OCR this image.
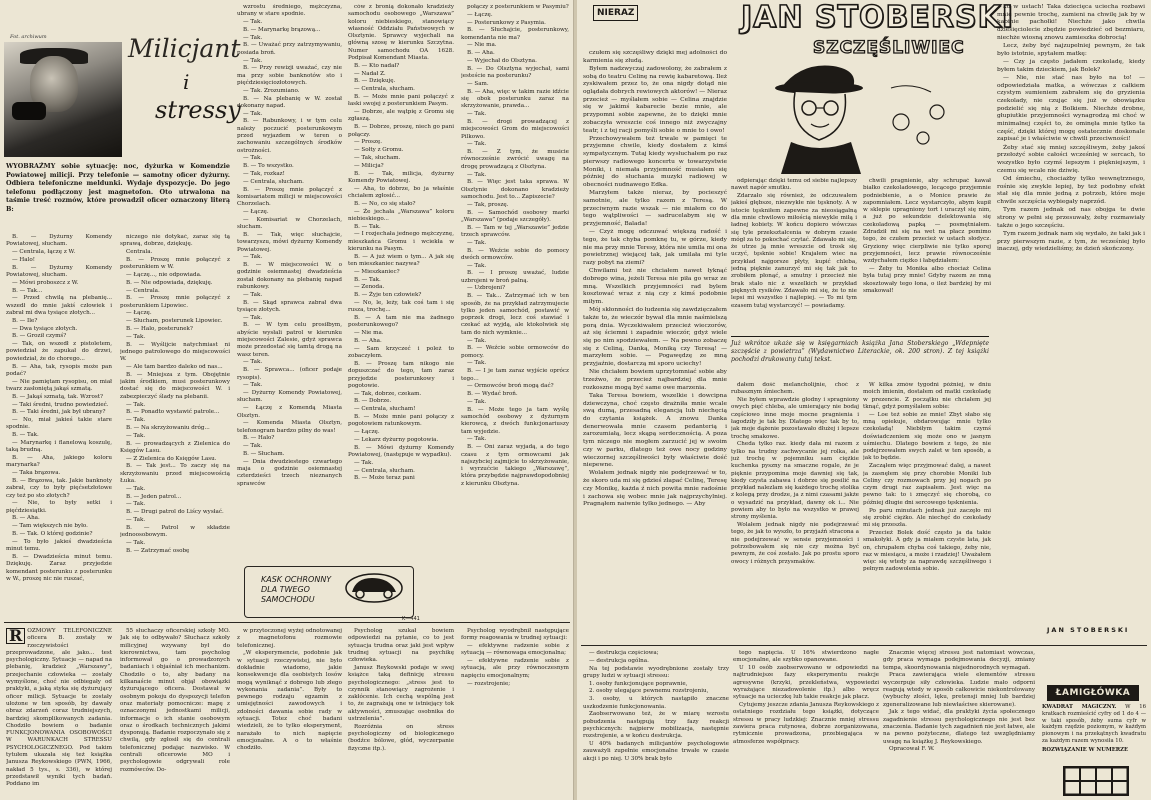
Fot. archiwum	Milicjant
i
stressy
WYOBRAŹMY sobie sytuację: noc, dyżurka w Komendzie Powiatowej milicji. Przy telefonie — samotny oficer dyżurny. Odbiera telefoniczne meldunki. Wydaje dyspozycje. Do jego telefonu podłączony jest magnetofon. Oto utrwalona na taśmie treść rozmów, które prowadził oficer oznaczony literą B:

B. — Dyżurny Komendy Powiatowej, słucham.

— Centrala, łączę z W.

— Halo!

B. — Dyżurny Komendy Powiatowej, słucham.

— Mówi proboszcz z W.

B. — Tak...

— Przed chwilą na plebanię... wszedł do mnie jakiś człowiek i zabrał mi dwa tysiące złotych...

B. — Ile?

— Dwa tysiące złotych.

B. — Groził czymś?

— Tak, on wszedł z pistoletem, powiedział że zapukał do drzwi, powiedział, że do chorego...

B. — Aha, tak, rysopis może pan podać?

— Nie pamiętam rysopisu, on miał twarz zasłoniętą jakąś szmatą.

B. — Jakąś szmatą, tak. Wzrost?

— Taki średni, trudno powiedzieć.

B. — Taki średni, jak był ubrany?

— No, miał jakieś takie stare spodnie.

B. — Tak.

— Marynarkę i flanelową koszulę, taką brudną.

B. — Aha, jakiego koloru marynarka?

— Taka brązowa.

B. — Brązowa, tak. Jakie banknoty zabrał, czy to były pięćsetzłotowe czy też po sto złotych?

— Nie, to były setki i pięćdziesiątki.

B. — Aha.

— Tam większych nie było.

B. — Tak. O której godzinie?

— To było jakieś dwadzieścia minut temu.

B. — Dwadzieścia minut temu. Dziękuję. Zaraz przyjedzie komendant posterunku z posterunku w W., proszę nic nie ruszać,

niczego nie dotykać, zaraz się tą sprawą, dobrze, dziękuję.

Centrala.

B. — Proszę mnie połączyć z posterunkiem w W.

— Łączę..., nie odpowiada.

B. — Nie odpowiada, dziękuję.

— Centrala.

B. — Proszę mnie połączyć z posterunkiem Lipowiec.

— Łączę.

— Słucham, posterunek Lipowiec.

B. — Halo, posterunek?

— Tak.

B. — Wyślijcie natychmiast ni jednego patrolowego do miejscowości W.

— Ale tam bardzo daleko od nas...

B. — Mniejsza z tym. Obojętnie jakim środkiem, musi posterunkowy dostać się do miejscowości W. i zabezpieczyć ślady na plebanii.

— Tak.

B. — Ponadto wystawić patrole...

— Tak.

B. — Na skrzyżowaniu dróg...

— Tak.

B. — prowadzących z Zielenica do Księgów Lasu.

— Z Zielenica do Księgów Lasu.

B. — Tak jest... To zaczy się na skrzyżowaniu przed miejscowością Łuka.

— Tak.

B. — Jeden patrol...

— Tak.

B. — Drugi patrol do Liścy wysłać.

— Tak.

B. — Patrol w składzie jednoosobowym.

— Tak.

B. — Zatrzymać osobę

wzrostu średniego, mężczyzna, ubrany w stare spodnie.

— Tak.

B. — Marynarkę brązową...

— Tak.

B. — Uważać przy zatrzymywaniu, posiada broń.

— Tak.

B. — Przy rewizji uważać, czy nie ma przy sobie banknotów sto i pięćdziesięciozłotowych.

— Tak. Zrozumiano.

B. — Na plebanię w W. został dokonany napad.

— Tak.

B. — Rabunkowy, i w tym celu należy poczucić posterunkowym przed wyjazdem w teren o zachowaniu szczególnych środków ostrożności.

— Tak.

B. — To wszystko.

— Tak, rozkaz!

— Centrala, słucham.

B. — Proszę mnie połączyć z komisariatem milicji w miejscowości Chorzelach.

— Łączę.

— Komisariat w Chorzelach, słucham.

B. — Tak, więc słuchajcie, towarzyszu, mówi dyżurny Komendy Powiatowej.

— Tak.

B. — W miejscowości W. o godzinie osiemnastej dwadzieścia został dokonany na plebanię napad rabunkowy.

— Tak.

B. — Skąd sprawca zabrał dwa tysiące złotych.

— Tak.

B. — W tym celu prosiłbym, abyście wysłali patrol w kierunku miejscowości Zalesie, gdyż sprawca może przedostać się tamtą drogą na wasz teren.

— Tak.

B. — Sprawca... (oficer podaje rysopis).

— Tak.

— Dyżurny Komendy Powiatowej, słucham.

— Łączę z Komendą Miasta Olsztyn.

— Komenda Miasta Olsztyn, telefonogram bardzo pilny do was!

B. — Halo?

— Tak.

B. — Słucham.

— Dnia dwudziestego czwartego maja o godzinie osiemnastej czterdzieści trzech nieznanych sprawców

ców z bronią dokonało kradzieży samochodu osobowego „Warszawa” koloru niebieskiego, stanowiący własność Oddziału Państwowych w Olsztynie. Sprawcy wyjechali na główną szosę w kierunku Szczytna. Numer samochodu OA 1628. Podpisał Komendant Miasta.

B. — Kto nadał?

— Nadał Z.

B. — Dziękuję.

— Centrala, słucham.

B. — Może mnie pani połączyć z łaski swojej z posterunkiem Pasym.

— Dobrze, ale wątpię z Gromu się zgłaszą.

B. — Dobrze, proszę, niech go pani połączy.

— Proszę.

— Sołty z Gromu.

— Tak, słucham.

— Milicja?

B. — Tak, milicja, dyżurny Komendy Powiatowej.

— Aha, to dobrze, bo ja właśnie chciałem zgłosić...

B. — No, co się stało?

— Że jechała „Warszawa” koloru niebieskiego...

B. — Tak.

— I rozjechała jednego mężczyznę, mieszkańca Gromu i wciekła w kierunku na Pasym.

B. — A już wiem o tym... A jak się ten mieszkaniec nazywa?

— Mieszkaniec?

B. — Tak.

— Zenoda.

B. — Żyje ten człowiek?

— No, le, leży, tak coś tam i się rusza, trochę...

B. — A tam nie ma żadnego posterunkowego?

— Nie ma.

B. — Aha.

— Sam krzyczeć i poleż to zobaczyłem.

B. — Proszę tam nikogo nie dopuszczać do tego, tam zaraz przyjedzie posterunkowy i pogotowie.

— Tak, dobrze, czekam.

B. — Dobrze.

— Centrala, słucham!

B. — Może mnie pani połączy z pogotowiem ratunkowym.

— Łączę.

— Lekarz dyżurny pogotowia.

B. — Mówi dyżurny Komendy Powiatowej, (następuje w wypadku).

— Tak.

— Centrala, słucham.

B. — Może teraz pani

połączy z posterunkiem w Pasymiu?

— Łączę.

— Posterunkowy z Pasymia.

B. — Słuchajcie, posterunkowy, komendanta nie ma?

— Nie ma.

B. — Aha.

— Wyjechał do Olsztyna.

B. — Do Olsztyna wyjechał, sami jesteście na posterunku?

— Sam.

B. — Aha, więc w takim razie idźcie się obok posterunku zaraz na skrzyżowanie, prawda...

— Tak.

B. — drogi prowadzącej z miejscowości Grom do miejscowości Pilkowo.

— Tak.

B. — Z tym, że musicie równocześnie zwrócić uwagę na drogę prowadzącą z Olsztyna.

— Tak.

B. — Więc jest taka sprawa. W Olsztynie dokonano kradzieży samochodu. Jest to... Zapiszecie?

— Tak, proszę.

B. — Samochód osobowy marki „Warszawa” (podaje szczegóły).

B. — Tam w tej „Warszawie” jedzie trzech sprawców.

— Tak.

B. — Weźcie sobie do pomocy dwóch ormowców.

— Tak.

B. — I proszę uważać, ludzie uzbrojeni w broń palną.

— Uzbrojeni?

B. — Tak... Zatrzymać ich w ten sposób, że na przykład zatrzymujecie tylko jeden samochód, postawić w poprzek drogi, lecz coś stawiać i czekać aż wyjdą, ale ktokolwiek się tam do nich wymknie...

— Tak.

B. — Weźcie sobie ormowców do pomocy.

— Tak.

B. — I je tam zaraz wyjście oprócz tego...

— Ormowców broń mogą dać?

B. — Wydać broń.

— Tak.

B. — Może tego ja tam wyślę samochód osobowy z dyżurnym kierowcą, z dwóch funkcjonariuszy tam wyjedzie.

— Tak.

B. — Oni zaraz wyjadą, a do tego czasu z tym ormowcami jak najszybciej zajmijcie to skrzyżowanie, i wyrzućcie takiego „Warszawę”, która przybędzie najprawdopodobniej z kierunku Olsztyna.

KASK OCHRONNY
DLA TWEGO
SAMOCHODU
K—441

R OZMOWY TELEFONICZNE oficera B. zostały w rzeczywistości przeprowadzone, ale jako... test psychologiczny. Sytuacje — napad na plebanię, kradzież „Warszawy”, przejechanie człowieka — zostały wymyślone, choć nie odbiegały od praktyki, a jaką styka się dyżurujący oficer milicji. Sytuacje te zostały ułożone w ten sposób, by dawały obraz zdarzeń coraz trudniejszych, bardziej skomplikowanych zadania. Chodziło bowiem o badanie FUNKCJONOWANIA OSOBOWOŚCI W WARUNKACH STRESSU PSYCHOLOGICZNEGO. Pod takim tytułem ukazała się też książka Janusza Reykowskiego (PWN, 1966, nakład 5 tys., s. 336), w której przedstawił wyniki tych badań. Poddano im

55 słuchaczy oficerskiej szkoły MO. Jak się to odbywało? Słuchacz szkoły milicyjnej wzywany był do kierownictwa, tam psycholog informował go o prowadzonych badaniach i objaśniał ich mechanizm. Chodziło o to, aby badany na kilkanaście minut objął obowiązki dyżurującego oficera. Dostawał w osobnym pokoju do dyspozycji telefon oraz materiały pomocnicze: mapę z oznaczonymi jednostkami milicji, informacje o ich stanie osobowym oraz o środkach technicznych jakimi dysponują. Badanie rozpoczynało się z chwilą, gdy zgłosił się do centrali telefonicznej podając nazwisko. W centrali oficerowie MO i psychologowie odgrywali role rozmówców. Do-

w przytoczonej wyżej odnotowanej z magnetofonu rozmowie telefonicznej.

„W eksperymencie, podobnie jak w sytuacji rzeczywistej, nie było dokładnie wiadomo, jakie konsekwencje dla osobistych losów mogą wyniknąć z dobrego lub złego wykonania zadania”. Były to pewnego rodzaju egzamin z umiejętności zawodowych i zdolności dawania sobie rady w sytuacji. Totez choć badani wiedzieli, że to tylko eksperyment, narażało to nich napięcie emocjonalne. A o to właśnie chodziło.

Psycholog szukał bowiem odpowiedzi na pytanie, co to jest sytuacja trudna oraz jaki jest wpływ trudnej sytuacji na psychikę człowieka.

Janusz Reykowski podaje w swej książce taką definicję stressu psychologicznego: „stress jest to czynnik stanowiący zagrożenie i zakłócenie. Ich cechą wspólną jest to, że zagrażają one w istniejący tok aktywności, zmuszając osobnika do ustrzelenia”.

Rozróżnia on stress psychologiczny od biologicznego (bodźce bólowe, głód, wyczerpanie fizyczne itp.).

Psycholog wyodrębnił następujące formy reagowania w trudnej sytuacji:

— efektywne radzenie sobie z sytuacją — równowaga emocjonalna;

— efektywne radzenie sobie z sytuacją, ale przy równoczesnym napięciu emocjonalnym;

— rozstrojenie;

NIERAZ	JAN STOBERSKI
SZCZĘŚLIWIEC

czułem się szczęśliwy dzięki mej adolności do karmienia się złudą.

Byłem nadzwyczaj zadowolony, że zabrałem z sobą do teatru Celinę na rewię kabaretową. Ileż zyskiwałem przez to, że ona nigdy dotąd nie oglądała dobrych rewiowych aktorów! — Nieraz przecież — myślałem sobie — Celina znajdzie się w jakimś kabarecie bezie mnie, ale przypomni sobie zapewne, że to dzięki mnie zobaczyła wreszcie coś innego niż zwyczajny teatr, i z tej racji pomyśli sobie o mnie to i owo!

Przechowywałem też trwale w pamięci te przyjemne chwile, kiedy dostałem z kimś sympatycznym. Tutaj kiedy wysłuchałem po raz pierwszy radiowego koncertu w towarzystwie Moniki, i niemała przyjemność musiałem się później do słuchania muzyki radiowej w obecności nudnawego Edka.

Marzyłem także nieraz, by pocieszyć samotnie, ale tylko razem z Teresą. W przeciwnym razie wszak — nie miałem co do tego wątpliwości — sadrucelabym się w przyjemność, Balada!

— Czyż mogę odczuwać większą radość i tego, że tak chyba pomknę tu, w górze, kiedy nie ma przy mnie Teresy, która nie umila mi ona powietrznej wiejącej tak, jak umilała mi tyle razy pobyt na ziemi?

Chwilami też nie chciałem nawet łyknąć dobrego wina, jeżeli Teresa nie piła go wraz ze mną. Wszelkich przyjemności rad bylem kosztować wraz z nią czy z kimś podobnie miłym.

Mój skłonności do łudzenia się zawdzięczałem także to, że wieczór bywał dla mnie naśmielszą porą dnia. Wyczekiwałem przecież wieczorów, aż się ściemni i zapadnie wieczór, gdyż wiele się po nim spodziewałem. — Na pewno zobaczę się z Celiną, Danką, Moniką czy Teresą! — marzyłem sobie. — Pogawędzę ze mną przyjaźnie, dostarczą mi sporo uciechy!

Nie chciałem bowiem uprzytomniać sobie aby trzeźwo, że przecież najbardziej dla mnie rozkoszne mogą być same owe marzenia.

Taka Teresa bowiem, wszelkie i dowcipna dziewczyna, choć często drażniła mnie wcale swą dumą, przesadną elegancją lub niechęcią do czytania książek. A znowu Danka denerwowała mnie czasem pedanterią i zarozumiałą, lecz skąpą serdecznością. A poza tym niczego nie mogłem zarzucić jej w swoim czy w parku, dlatego też owe nocy godziny wieczornej szczęśliwości były właściwie dość niepewne.

Wolałem jednak nigdy nie podejrzewać w to, że skoro uda mi się gdzieś złapać Celinę, Teresę czy Monikę, każda ź nich powita mnie radośnie i zachowa się wobec mnie jak najprzychylniej. Pragnąłem naiwnie tylko jednego. — Aby

odpierając dzięki temu od siebie najlepszy nawet napór smutku.

Zdarzało się również, że odczuwałem jakieś głębsze, niezwykłe nie tęsknoty. A w istocie tęskniłem zapewne za nieosiągalną dla mnie chwilowo miłością niewykle miłą i ładnej kobiety. W końcu dopiero wówczas się tyle przekształcenia w dobrym czasie mógł za to pokochać czytać. Zdawało mi się, że utrze ją mnie wreszcie od trosk się uczyć, tęsknie sobie! Krajałem wiec na przykład najgorsze płyty, kupić chleba, jedną pięknie zanurzyć mi się tak jak to zrobiłem płonąć, a smutny i przecież nie brak stało nic z wszelkich w przykład pięknych rysików. Zdawało mi się, że to nie lepsi mi wszystko i najlepiej. — To mi tym ezasem tutaj wystarczyć! — powiadamy.

chwili pragnienie, aby schrupać kawał białko czekoladowego, lecącego przyjemnie podniebienie, a o Monice prawie że zapomniałem. Lecz wystarczyło, abym kupił w sklepie upragniony tort i uraczył się nim, a już po sekundzie delektowania się czekoladową papką — posmętniałem. Zdradził mi się na wet na płacz pomimo tego, że czułem przecież w ustach słodycz. Gryziony więc cierpliwie nie tylko sporej przyjemności, lecz prawie równocześnie wzdychałem ciężko i łabędziałem:

— Żeby tu Monika albo chociaż Celina była tutaj przy mnie! Gdyby razem ze mną skosztowały tego łona, o ileż bardziej by mi smakował!

Już wkrótce ukaże się w księgarniach książka Jana Stoberskiego „Wdepnięte szczęście z powietrza” (Wydawnictwo Literackie, ok. 200 stron). Z tej książki pochodzi drukowany tutaj tekst.

dałem dość melancholijnie, choć z rubasznym śmiechem.

Nie byłem wprawdzie głodny i spragniony owych pięć chleba, ale umierający nie bodaj częściowo inne moje mocne pragnienia i łagodziły je tak by. Dlatego więc tak by to, jak moje dążenie pozostawało dłużej i lepsze trochę smakowe.

Cheda tylko raz. kiedy dała mi razem z tylko na trudny zachwycanie jej rolka, ale już trochę w pojemniku sam ciężkie kuchenka pyszny na smaczne rogale, że je pięknie przypomina moje dawniej się tak, kiedy czysta zabawa i dobrze się posilić na przykład nalezlam się każdego trochę stolika z kolegą przy drodze, ja z nimi czasami jakże o wysadzić na przykład, dawny ok i... Nie powiem aby to było na wszystko w prawej strony myślenia.

Wolałem jednak nigdy nie podejrzewać tego, że jak to wyszło, to przyjaźń stracona a nie podejrzewać w sensie przyjemności i potrzebowałem się nie czy można być pewnym, że coś zostało. Jak po prostu sporo owocy i różnych przysmaków.

W kilka zmów tygodni później, w dniu moich imienin, dostałem od matki czekoladę w prezencie. Z początku nie chciałem jej tknąć, gdyż pomyślałem sobie:

— Loe też sobie ze mnie! Zbyt słabo się mną opiekuje, obdarowując mnie tylko czekoladą! Niebiłym takim czymś doświadczeniem się może ono w jasnym uśmiechu. Dlatego bowiem z tego, że nie podejrzewałem swych zalet w ten sposób, a jak to będzie.

Zacząłem więc przyjmować dalej, a nawet ja zasnęłem się przy chorobie Moniki lub Celiny czy rozmowach przy jej nogach po czym drugi raz zapisałem. Jest więc na pewno tak: to i zmęczyć się chorobą, co później długie dni sercowego tęsknienia.

Po paru minutach jednak już zaczęło mi się zrobić ciężko. Ale niechęć do czekolady mi się przeszła.

Przecież Bolek dość często ja da takie smakołyki. A gdy ja miałem czyste lata, jak on, chrupałem chyba coś takiego, żeby nie, raz w miesiącu, a może i rzadziej! Uważałem więc się wtedy za naprawdę szczęśliwego i pełnym zadowolenia sobie.

ko w ustach! Taka dziecięca uciecha rozbawi mnie pewnie trochę, zamieni na chwilę jak by w kabinie pachołki! Niechże jako chwila dziesięciolecie zbędzie powiedzieć od bezmiaru, niechże wiosną znowu zamieszka dobrocią!

Lecz, żeby być najzupełniej pewnym, że tak było istotnie, spytałem matkę:

— Czy ja często jadałem czekoladę, kiedy byłem takim dzieckiem, jak Bolek?

— Nie, nie stać nas było na to! — odpowiedziała matka, a wówczas z całkiem czystym sumieniem zabrałem się do gryzienia czekolady, nie czując się już w obowiązku podzielić się nią z Bolkiem. Niechże drobne, głupiutkie przyjemności wynagrodzą mi choć w minimalnej części to, że ominęła mnie tylko ta część, dzięki której mogę ostatecznie doskonale zapisać je i właściwie w chwili przeciwności!

Żeby stać się mniej szczęśliwym, żeby jakoś przełożyć sobie całości wcześniej w sercach, to wszystko było czymś lepszym i piękniejszym, i czemu się wcale nie dziwię.

Od śmiechu, chociażby tylko wewnętrznego, rośnie się zwykle lepiej, by też podobny efekt stał się dla mnie jedną z potrzeb, które moje chwile szczęścia wybiegały naprzód.

Tym razem jednak od nas obojga te dwie strony w pełni się przesuwały, żeby rozmawiały także o jego szczęściu.

Tym razem jednak nam się wydało, że taki jak i przy pierwszym razie, z tym, że wcześniej było inaczej, gdy wiedzieliśmy, że dzień skończony.

JAN STOBERSKI

— destrukcja częściowa;

— destrukcja ogólna.

Na tej podstawie wyodrębnione zostały trzy grupy ludzi w sytuacji stressu:

1. osoby funkcjonujące poprawnie,

2. osoby ulegające pewnemu rozstrojeniu,

3. osoby, u których nastąpiło znaczne uszkodzenie funkcjonowania.

Zaobserwowano też, że w miarę wzrostu pobudzenia następują trzy fazy reakcji psychicznych: najpierw mobilizacja, następnie rozstrojenie, a w końcu destrukcja.

U 40% badanych milicjantów psychologowie zauważyli zupełnie emocjonalne trwałe w czasie akcji i po niej. U 30% brak było

tego napięcia. U 16% stwierdzono nagłe emocjonalne, ale szybko opanowane.

U 10 osób zaobserwowano w odpowiedzi na najtrudniejsze fazy eksperymentu reakcje agresywne (krzyki, przekleństwa, wypowiedzi wyrażające niezadowolenie itp.) albo wręcz sytuacje na ucieczkę lub takie reakcje jak płacz.

Cytujemy jeszcze zdania Janusza Reykowskiego z ostatniego rozdziału tego książki, dotyczące stressu w pracy ludzkiej: Znacznie mniej stressu zawiera praca rutynowa, dobrze zorganizowana, rytmicznie prowadzona, przebiegająca w atmosferze współpracy.

Znacznie więcej stressu jest natomiast wówczas, gdy praca wymaga podejmowania decyzji, zmiany tempa, skoordynowania niejednorodnych wymagań.

Praca zawierająca wiele elementów stressu wyczerpuje siły człowieka. Ludzie mało odporni reagują wtedy w sposób całkowicie niekontrolowany (wybuchy złości, lęku, pretensji mniej lub bardziej zgeneralizowane lub niewłaściwe skierowane).

Jak z tego widać, dla praktyki życia społecznego zagadnienie stressu psychologicznego nie jest bez znaczenia. Badanie tych zagadnień nie jest łatwe, ale na pewno pożyteczne, dlatego też uwzględniamy uwagę na książkę J. Reykowskiego.

Opracował F. W.

ŁAMIGŁÓWKA
KWADRAT MAGICZNY. W 16 kratkach rozmieścić cyfry od 1 do 4 — w taki sposób, żeby suma cyfr w każdym rzędzie poziomym, w każdym pionowym i na przekątnych kwadratu za każdym razem wynosiła 10.
ROZWIĄZANIE W NUMERZE
